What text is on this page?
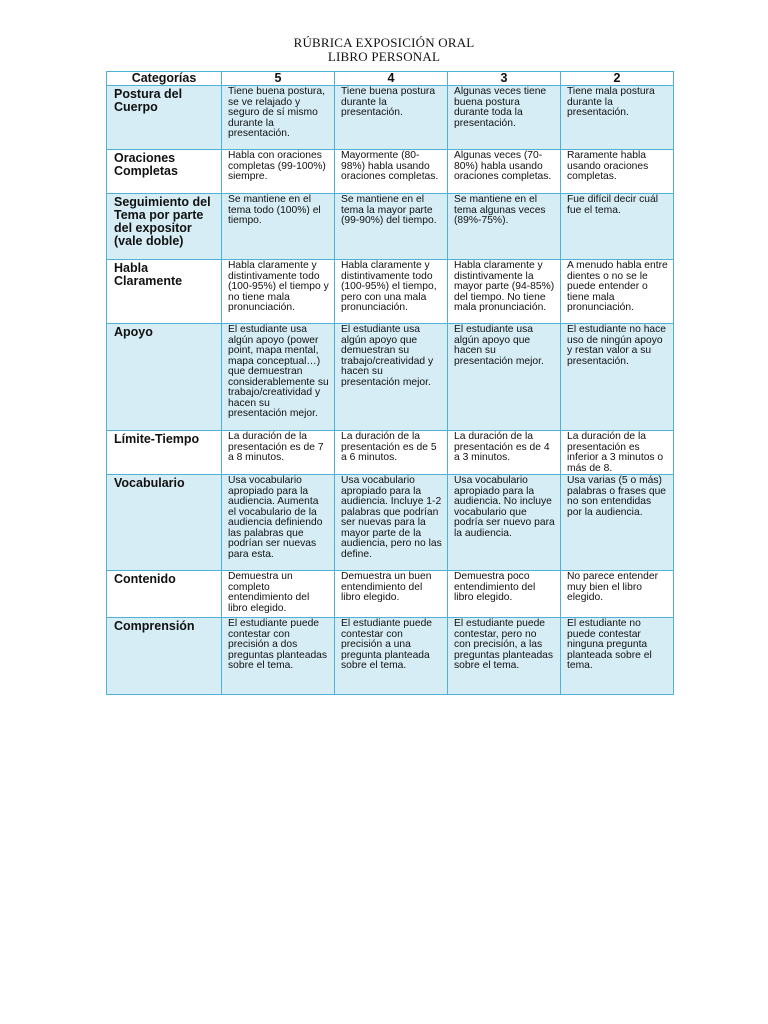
RÚBRICA EXPOSICIÓN ORAL
LIBRO PERSONAL
Categorías	5	4	3	2
Postura del Cuerpo	Tiene buena postura, se ve relajado y seguro de sí mismo durante la presentación.	Tiene buena postura durante la presentación.	Algunas veces tiene buena postura durante toda la presentación.	Tiene mala postura durante la presentación.
Oraciones Completas	Habla con oraciones completas (99-100%) siempre.	Mayormente (80-98%) habla usando oraciones completas.	Algunas veces (70-80%) habla usando oraciones completas.	Raramente habla usando oraciones completas.
Seguimiento del Tema por parte del expositor (vale doble)	Se mantiene en el tema todo (100%) el tiempo.	Se mantiene en el tema la mayor parte (99-90%) del tiempo.	Se mantiene en el tema algunas veces (89%-75%).	Fue difícil decir cuál fue el tema.
Habla Claramente	Habla claramente y distintivamente todo (100-95%) el tiempo y no tiene mala pronunciación.	Habla claramente y distintivamente todo (100-95%) el tiempo, pero con una mala pronunciación.	Habla claramente y distintivamente la mayor parte (94-85%) del tiempo. No tiene mala pronunciación.	A menudo habla entre dientes o no se le puede entender o tiene mala pronunciación.
Apoyo	El estudiante usa algún apoyo (power point, mapa mental, mapa conceptual…) que demuestran considerablemente su trabajo/creatividad y hacen su presentación mejor.	El estudiante usa algún apoyo que demuestran su trabajo/creatividad y hacen su presentación mejor.	El estudiante usa algún apoyo que hacen su presentación mejor.	El estudiante no hace uso de ningún apoyo y restan valor a su presentación.
Límite-Tiempo	La duración de la presentación es de 7 a 8 minutos.	La duración de la presentación es de 5 a 6 minutos.	La duración de la presentación es de 4 a 3 minutos.	La duración de la presentación es inferior a 3 minutos o más de 8.
Vocabulario	Usa vocabulario apropiado para la audiencia. Aumenta el vocabulario de la audiencia definiendo las palabras que podrían ser nuevas para esta.	Usa vocabulario apropiado para la audiencia. Incluye 1-2 palabras que podrían ser nuevas para la mayor parte de la audiencia, pero no las define.	Usa vocabulario apropiado para la audiencia. No incluye vocabulario que podría ser nuevo para la audiencia.	Usa varias (5 o más) palabras o frases que no son entendidas por la audiencia.
Contenido	Demuestra un completo entendimiento del libro elegido.	Demuestra un buen entendimiento del libro elegido.	Demuestra poco entendimiento del libro elegido.	No parece entender muy bien el libro elegido.
Comprensión	El estudiante puede contestar con precisión a dos preguntas planteadas sobre el tema.	El estudiante puede contestar con precisión a una pregunta planteada sobre el tema.	El estudiante puede contestar, pero no con precisión, a las preguntas planteadas sobre el tema.	El estudiante no puede contestar ninguna pregunta planteada sobre el tema.
